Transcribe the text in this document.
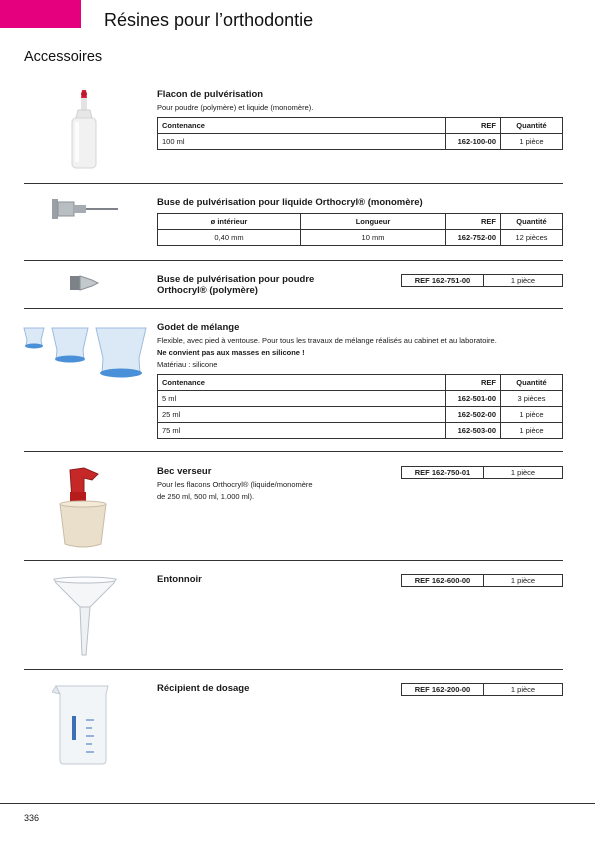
Résines pour l’orthodontie
Accessoires
Flacon de pulvérisation
Pour poudre (polymère) et liquide (monomère).
Contenance	REF	Quantité
100 ml	162-100-00	1 pièce
Buse de pulvérisation pour liquide Orthocryl® (monomère)
ø intérieur	Longueur	REF	Quantité
0,40 mm	10 mm	162-752-00	12 pièces
Buse de pulvérisation pour poudre
Orthocryl® (polymère)
REF 162-751-00	1 pièce
Godet de mélange
Flexible, avec pied à ventouse. Pour tous les travaux de mélange réalisés au cabinet et au laboratoire.
Ne convient pas aux masses en silicone !
Matériau : silicone
Contenance	REF	Quantité
5 ml	162-501-00	3 pièces
25 ml	162-502-00	1 pièce
75 ml	162-503-00	1 pièce
Bec verseur
Pour les flacons Orthocryl® (liquide/monomère
de 250 ml, 500 ml, 1.000 ml).
REF 162-750-01	1 pièce
Entonnoir	REF 162-600-00	1 pièce
Récipient de dosage	REF 162-200-00	1 pièce
336
